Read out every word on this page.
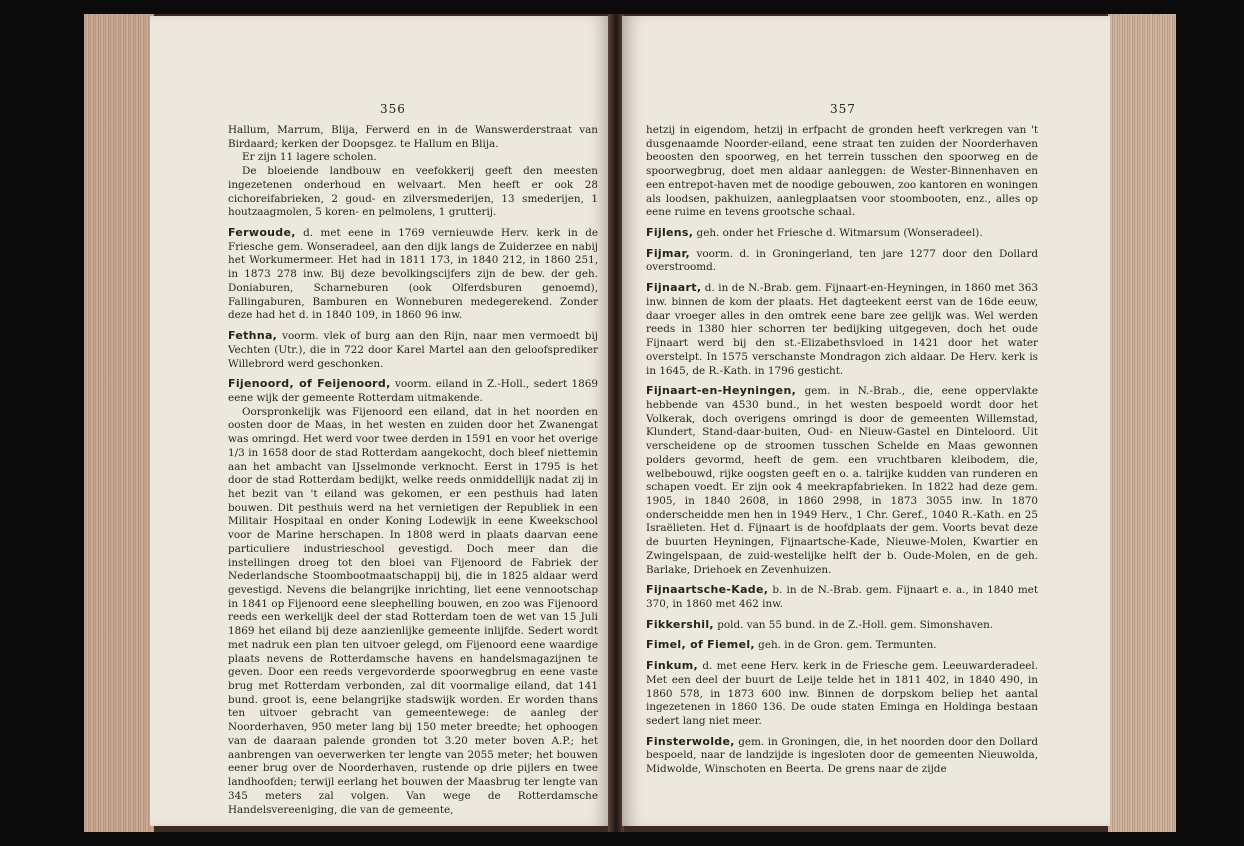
356

Hallum, Marrum, Blija, Ferwerd en in de Wanswerderstraat van Birdaard; kerken der Doopsgez. te Hallum en Blija.

Er zijn 11 lagere scholen.

De bloeiende landbouw en veefokkerij geeft den meesten ingezetenen onderhoud en welvaart. Men heeft er ook 28 cichoreifabrieken, 2 goud- en zilversmederijen, 13 smederijen, 1 houtzaagmolen, 5 koren- en pelmolens, 1 grutterij.

Ferwoude, d. met eene in 1769 vernieuwde Herv. kerk in de Friesche gem. Wonseradeel, aan den dijk langs de Zuiderzee en nabij het Workumermeer. Het had in 1811 173, in 1840 212, in 1860 251, in 1873 278 inw. Bij deze bevolkingscijfers zijn de bew. der geh. Doniaburen, Scharneburen (ook Olferdsburen genoemd), Fallingaburen, Bamburen en Wonneburen medegerekend. Zonder deze had het d. in 1840 109, in 1860 96 inw.

Fethna, voorm. vlek of burg aan den Rijn, naar men vermoedt bij Vechten (Utr.), die in 722 door Karel Martel aan den geloofsprediker Willebrord werd geschonken.

Fijenoord, of Feijenoord, voorm. eiland in Z.-Holl., sedert 1869 eene wijk der gemeente Rotterdam uitmakende.

Oorspronkelijk was Fijenoord een eiland, dat in het noorden en oosten door de Maas, in het westen en zuiden door het Zwanengat was omringd. Het werd voor twee derden in 1591 en voor het overige 1/3 in 1658 door de stad Rotterdam aangekocht, doch bleef niettemin aan het ambacht van IJsselmonde verknocht. Eerst in 1795 is het door de stad Rotterdam bedijkt, welke reeds onmiddellijk nadat zij in het bezit van 't eiland was gekomen, er een pesthuis had laten bouwen. Dit pesthuis werd na het vernietigen der Republiek in een Militair Hospitaal en onder Koning Lodewijk in eene Kweekschool voor de Marine herschapen. In 1808 werd in plaats daarvan eene particuliere industrieschool gevestigd. Doch meer dan die instellingen droeg tot den bloei van Fijenoord de Fabriek der Nederlandsche Stoombootmaatschappij bij, die in 1825 aldaar werd gevestigd. Nevens die belangrijke inrichting, liet eene vennootschap in 1841 op Fijenoord eene sleephelling bouwen, en zoo was Fijenoord reeds een werkelijk deel der stad Rotterdam toen de wet van 15 Juli 1869 het eiland bij deze aanzienlijke gemeente inlijfde. Sedert wordt met nadruk een plan ten uitvoer gelegd, om Fijenoord eene waardige plaats nevens de Rotterdamsche havens en handelsmagazijnen te geven. Door een reeds vergevorderde spoorwegbrug en eene vaste brug met Rotterdam verbonden, zal dit voormalige eiland, dat 141 bund. groot is, eene belangrijke stadswijk worden. Er worden thans ten uitvoer gebracht van gemeentewege: de aanleg der Noorderhaven, 950 meter lang bij 150 meter breedte; het ophoogen van de daaraan palende gronden tot 3.20 meter boven A.P.; het aanbrengen van oeverwerken ter lengte van 2055 meter; het bouwen eener brug over de Noorderhaven, rustende op drie pijlers en twee landhoofden; terwijl eerlang het bouwen der Maasbrug ter lengte van 345 meters zal volgen. Van wege de Rotterdamsche Handelsvereeniging, die van de gemeente,

357

hetzij in eigendom, hetzij in erfpacht de gronden heeft verkregen van 't dusgenaamde Noorder-eiland, eene straat ten zuiden der Noorderhaven beoosten den spoorweg, en het terrein tusschen den spoorweg en de spoorwegbrug, doet men aldaar aanleggen: de Wester-Binnenhaven en een entrepot-haven met de noodige gebouwen, zoo kantoren en woningen als loodsen, pakhuizen, aanlegplaatsen voor stoombooten, enz., alles op eene ruime en tevens grootsche schaal.

Fijlens, geh. onder het Friesche d. Witmarsum (Wonseradeel).

Fijmar, voorm. d. in Groningerland, ten jare 1277 door den Dollard overstroomd.

Fijnaart, d. in de N.-Brab. gem. Fijnaart-en-Heyningen, in 1860 met 363 inw. binnen de kom der plaats. Het dagteekent eerst van de 16de eeuw, daar vroeger alles in den omtrek eene bare zee gelijk was. Wel werden reeds in 1380 hier schorren ter bedijking uitgegeven, doch het oude Fijnaart werd bij den st.-Elizabethsvloed in 1421 door het water overstelpt. In 1575 verschanste Mondragon zich aldaar. De Herv. kerk is in 1645, de R.-Kath. in 1796 gesticht.

Fijnaart-en-Heyningen, gem. in N.-Brab., die, eene oppervlakte hebbende van 4530 bund., in het westen bespoeld wordt door het Volkerak, doch overigens omringd is door de gemeenten Willemstad, Klundert, Stand-daar-buiten, Oud- en Nieuw-Gastel en Dinteloord. Uit verscheidene op de stroomen tusschen Schelde en Maas gewonnen polders gevormd, heeft de gem. een vruchtbaren kleibodem, die, welbebouwd, rijke oogsten geeft en o. a. talrijke kudden van runderen en schapen voedt. Er zijn ook 4 meekrapfabrieken. In 1822 had deze gem. 1905, in 1840 2608, in 1860 2998, in 1873 3055 inw. In 1870 onderscheidde men hen in 1949 Herv., 1 Chr. Geref., 1040 R.-Kath. en 25 Israëlieten. Het d. Fijnaart is de hoofdplaats der gem. Voorts bevat deze de buurten Heyningen, Fijnaartsche-Kade, Nieuwe-Molen, Kwartier en Zwingelspaan, de zuid-westelijke helft der b. Oude-Molen, en de geh. Barlake, Driehoek en Zevenhuizen.

Fijnaartsche-Kade, b. in de N.-Brab. gem. Fijnaart e. a., in 1840 met 370, in 1860 met 462 inw.

Fikkershil, pold. van 55 bund. in de Z.-Holl. gem. Simonshaven.

Fimel, of Fiemel, geh. in de Gron. gem. Termunten.

Finkum, d. met eene Herv. kerk in de Friesche gem. Leeuwarderadeel. Met een deel der buurt de Leije telde het in 1811 402, in 1840 490, in 1860 578, in 1873 600 inw. Binnen de dorpskom beliep het aantal ingezetenen in 1860 136. De oude staten Eminga en Holdinga bestaan sedert lang niet meer.

Finsterwolde, gem. in Groningen, die, in het noorden door den Dollard bespoeld, naar de landzijde is ingesloten door de gemeenten Nieuwolda, Midwolde, Winschoten en Beerta. De grens naar de zijde
